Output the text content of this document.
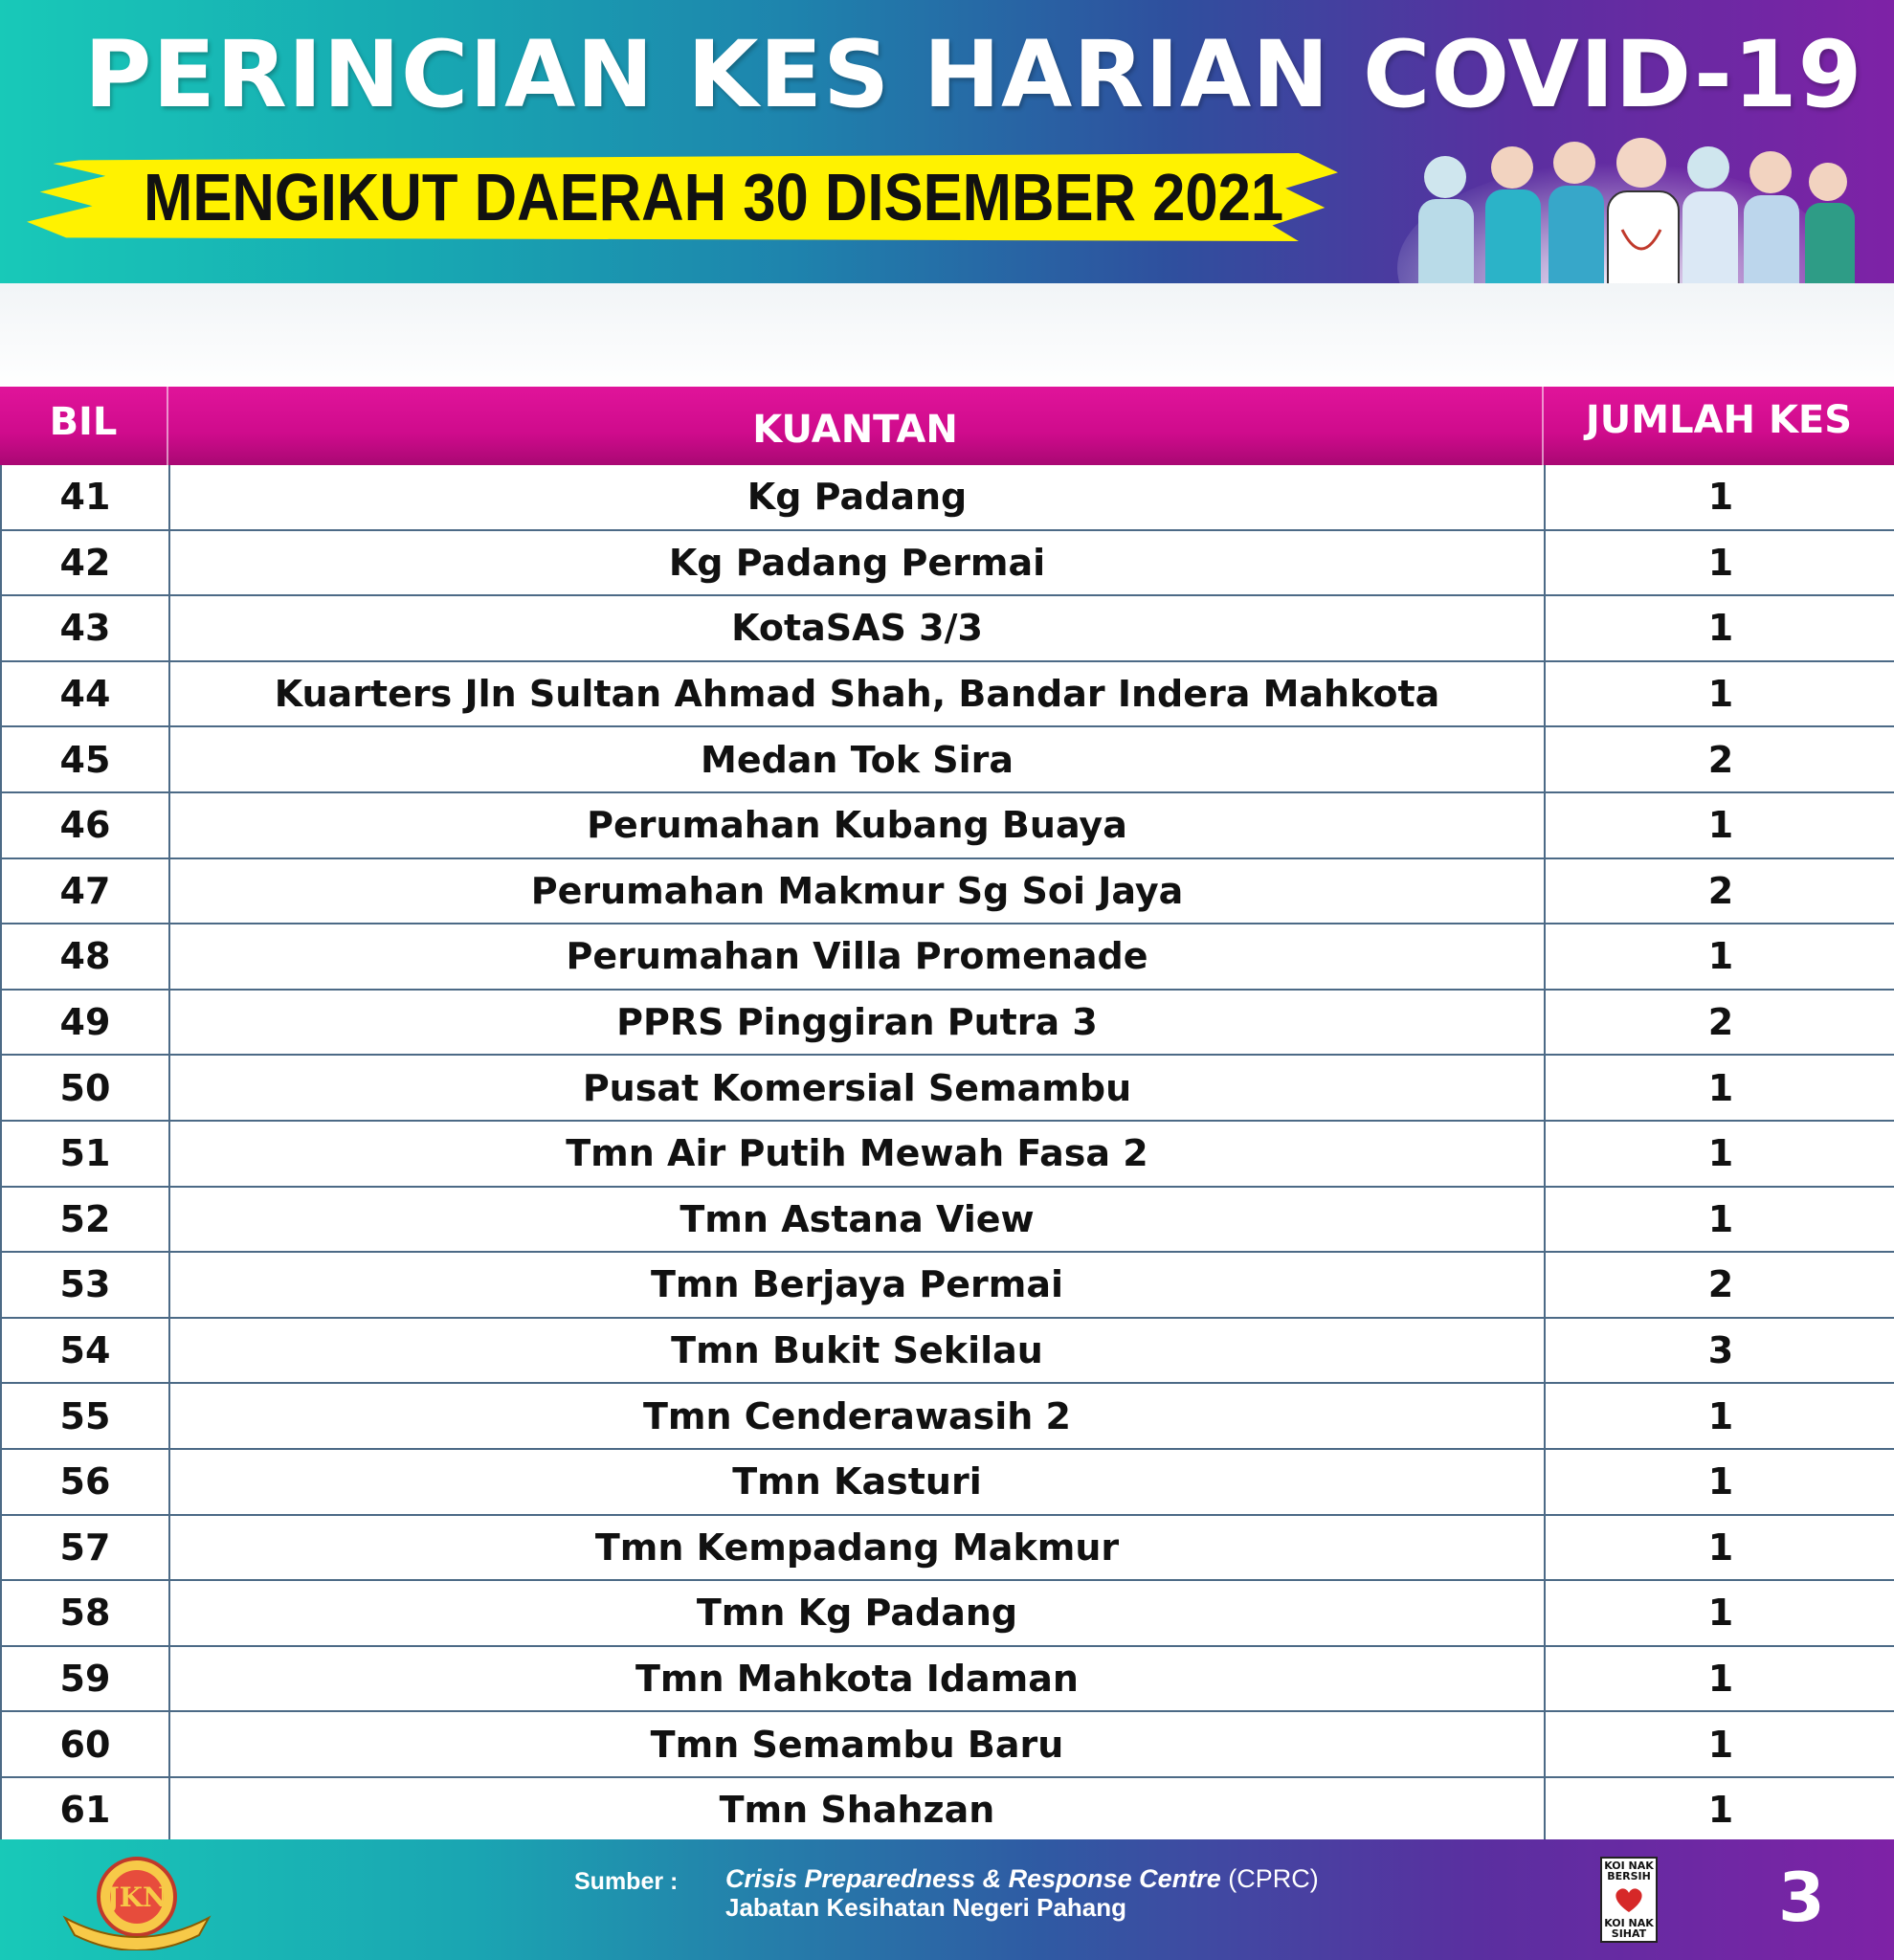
PERINCIAN KES HARIAN COVID-19
MENGIKUT DAERAH 30 DISEMBER 2021
BIL	KUANTAN	JUMLAH KES
41	Kg Padang	1
42	Kg Padang Permai	1
43	KotaSAS 3/3	1
44	Kuarters Jln Sultan Ahmad Shah, Bandar Indera Mahkota	1
45	Medan Tok Sira	2
46	Perumahan Kubang Buaya	1
47	Perumahan Makmur Sg Soi Jaya	2
48	Perumahan Villa Promenade	1
49	PPRS Pinggiran Putra 3	2
50	Pusat Komersial Semambu	1
51	Tmn Air Putih Mewah Fasa 2	1
52	Tmn Astana View	1
53	Tmn Berjaya Permai	2
54	Tmn Bukit Sekilau	3
55	Tmn Cenderawasih 2	1
56	Tmn Kasturi	1
57	Tmn Kempadang Makmur	1
58	Tmn Kg Padang	1
59	Tmn Mahkota Idaman	1
60	Tmn Semambu Baru	1
61	Tmn Shahzan	1
JKN	Sumber : Crisis Preparedness & Response Centre (CPRC)
Jabatan Kesihatan Negeri Pahang
KOI NAK BERSIH
KOI NAK SIHAT 3
